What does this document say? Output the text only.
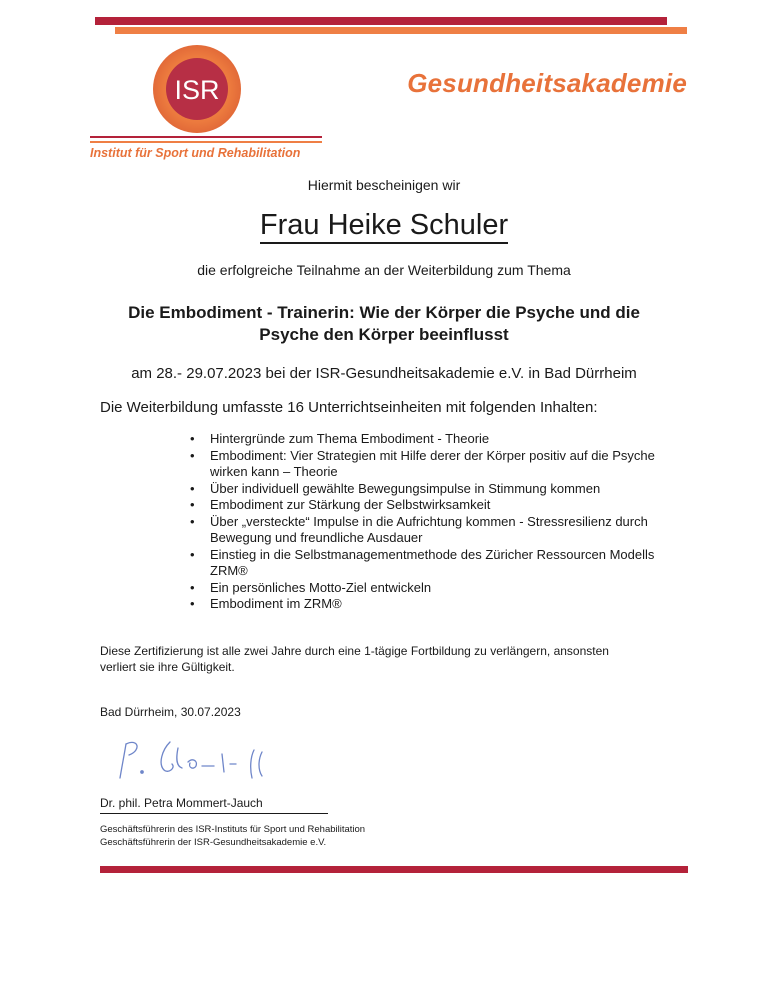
ISR	Gesundheitsakademie
Institut für Sport und Rehabilitation
Hiermit bescheinigen wir
Frau Heike Schuler
die erfolgreiche Teilnahme an der Weiterbildung zum Thema
Die Embodiment - Trainerin: Wie der Körper die Psyche und die
Psyche den Körper beeinflusst
am 28.- 29.07.2023 bei der ISR-Gesundheitsakademie e.V. in Bad Dürrheim
Die Weiterbildung umfasste 16 Unterrichtseinheiten mit folgenden Inhalten:
• Hintergründe zum Thema Embodiment - Theorie
• Embodiment: Vier Strategien mit Hilfe derer der Körper positiv auf die Psyche wirken kann – Theorie
• Über individuell gewählte Bewegungsimpulse in Stimmung kommen
• Embodiment zur Stärkung der Selbstwirksamkeit
• Über „versteckte“ Impulse in die Aufrichtung kommen - Stressresilienz durch Bewegung und freundliche Ausdauer
• Einstieg in die Selbstmanagementmethode des Züricher Ressourcen Modells ZRM®
• Ein persönliches Motto-Ziel entwickeln
• Embodiment im ZRM®
Diese Zertifizierung ist alle zwei Jahre durch eine 1-tägige Fortbildung zu verlängern, ansonsten
verliert sie ihre Gültigkeit.
Bad Dürrheim, 30.07.2023
Dr. phil. Petra Mommert-Jauch
Geschäftsführerin des ISR-Instituts für Sport und Rehabilitation
Geschäftsführerin der ISR-Gesundheitsakademie e.V.
